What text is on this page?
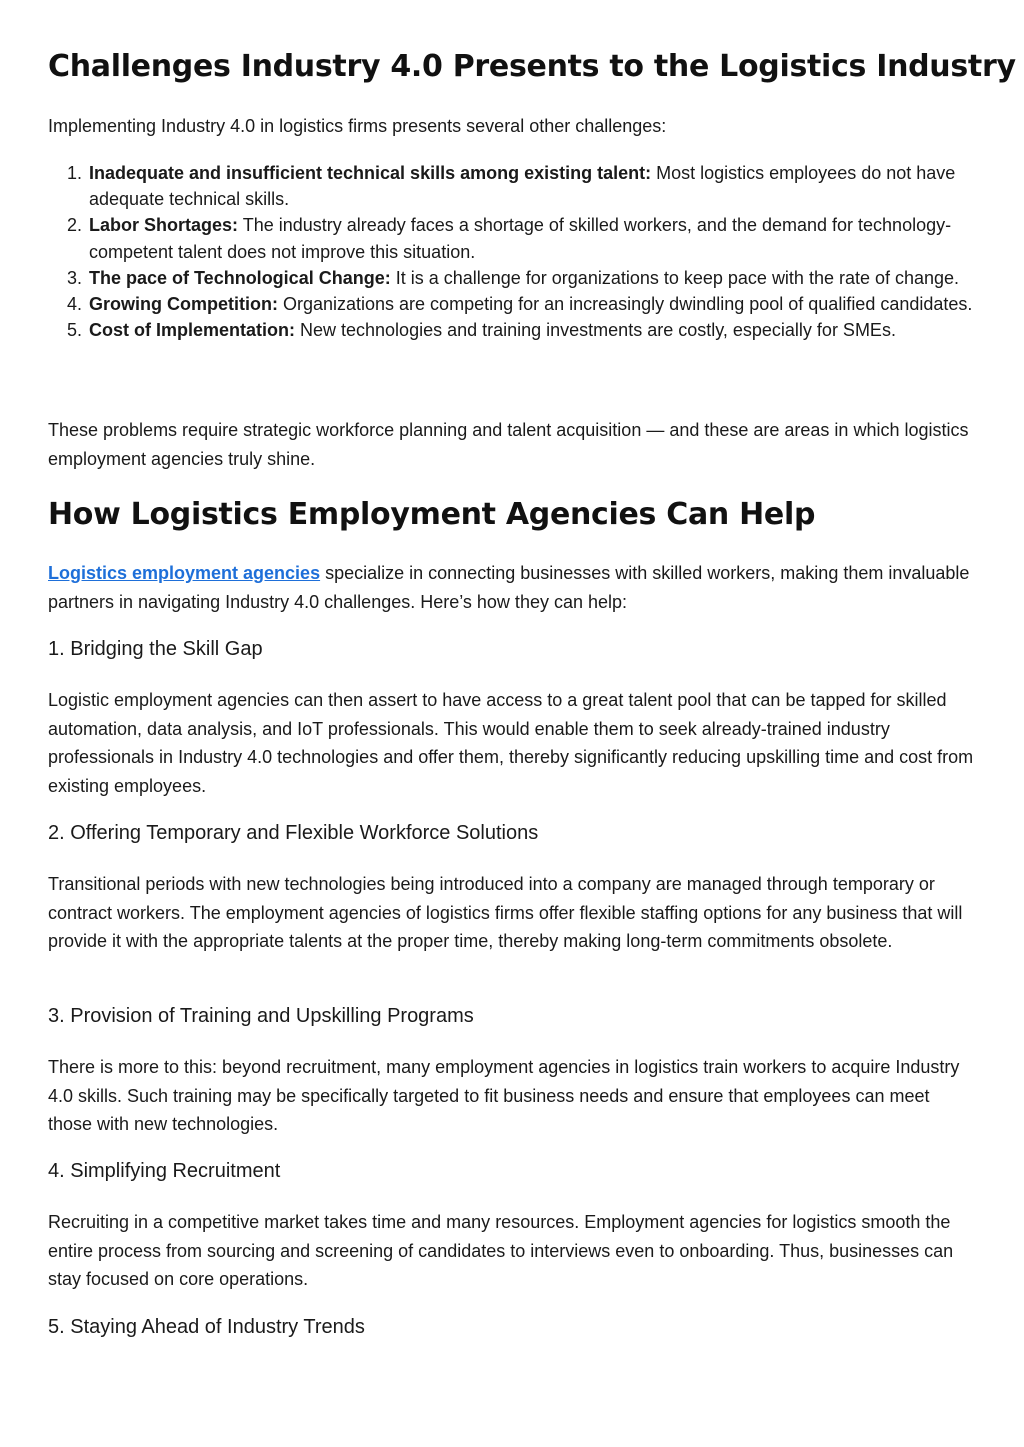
Challenges Industry 4.0 Presents to the Logistics Industry

Implementing Industry 4.0 in logistics firms presents several other challenges:

Inadequate and insufficient technical skills among existing talent: Most logistics employees do not have adequate technical skills.
Labor Shortages: The industry already faces a shortage of skilled workers, and the demand for technology-competent talent does not improve this situation.
The pace of Technological Change: It is a challenge for organizations to keep pace with the rate of change.
Growing Competition: Organizations are competing for an increasingly dwindling pool of qualified candidates.
Cost of Implementation: New technologies and training investments are costly, especially for SMEs.

These problems require strategic workforce planning and talent acquisition — and these are areas in which logistics employment agencies truly shine.

How Logistics Employment Agencies Can Help

Logistics employment agencies specialize in connecting businesses with skilled workers, making them invaluable partners in navigating Industry 4.0 challenges. Here’s how they can help:

1. Bridging the Skill Gap

Logistic employment agencies can then assert to have access to a great talent pool that can be tapped for skilled automation, data analysis, and IoT professionals. This would enable them to seek already-trained industry professionals in Industry 4.0 technologies and offer them, thereby significantly reducing upskilling time and cost from existing employees.

2. Offering Temporary and Flexible Workforce Solutions

Transitional periods with new technologies being introduced into a company are managed through temporary or contract workers. The employment agencies of logistics firms offer flexible staffing options for any business that will provide it with the appropriate talents at the proper time, thereby making long-term commitments obsolete.

3. Provision of Training and Upskilling Programs

There is more to this: beyond recruitment, many employment agencies in logistics train workers to acquire Industry 4.0 skills. Such training may be specifically targeted to fit business needs and ensure that employees can meet those with new technologies.

4. Simplifying Recruitment

Recruiting in a competitive market takes time and many resources. Employment agencies for logistics smooth the entire process from sourcing and screening of candidates to interviews even to onboarding. Thus, businesses can stay focused on core operations.

5. Staying Ahead of Industry Trends
